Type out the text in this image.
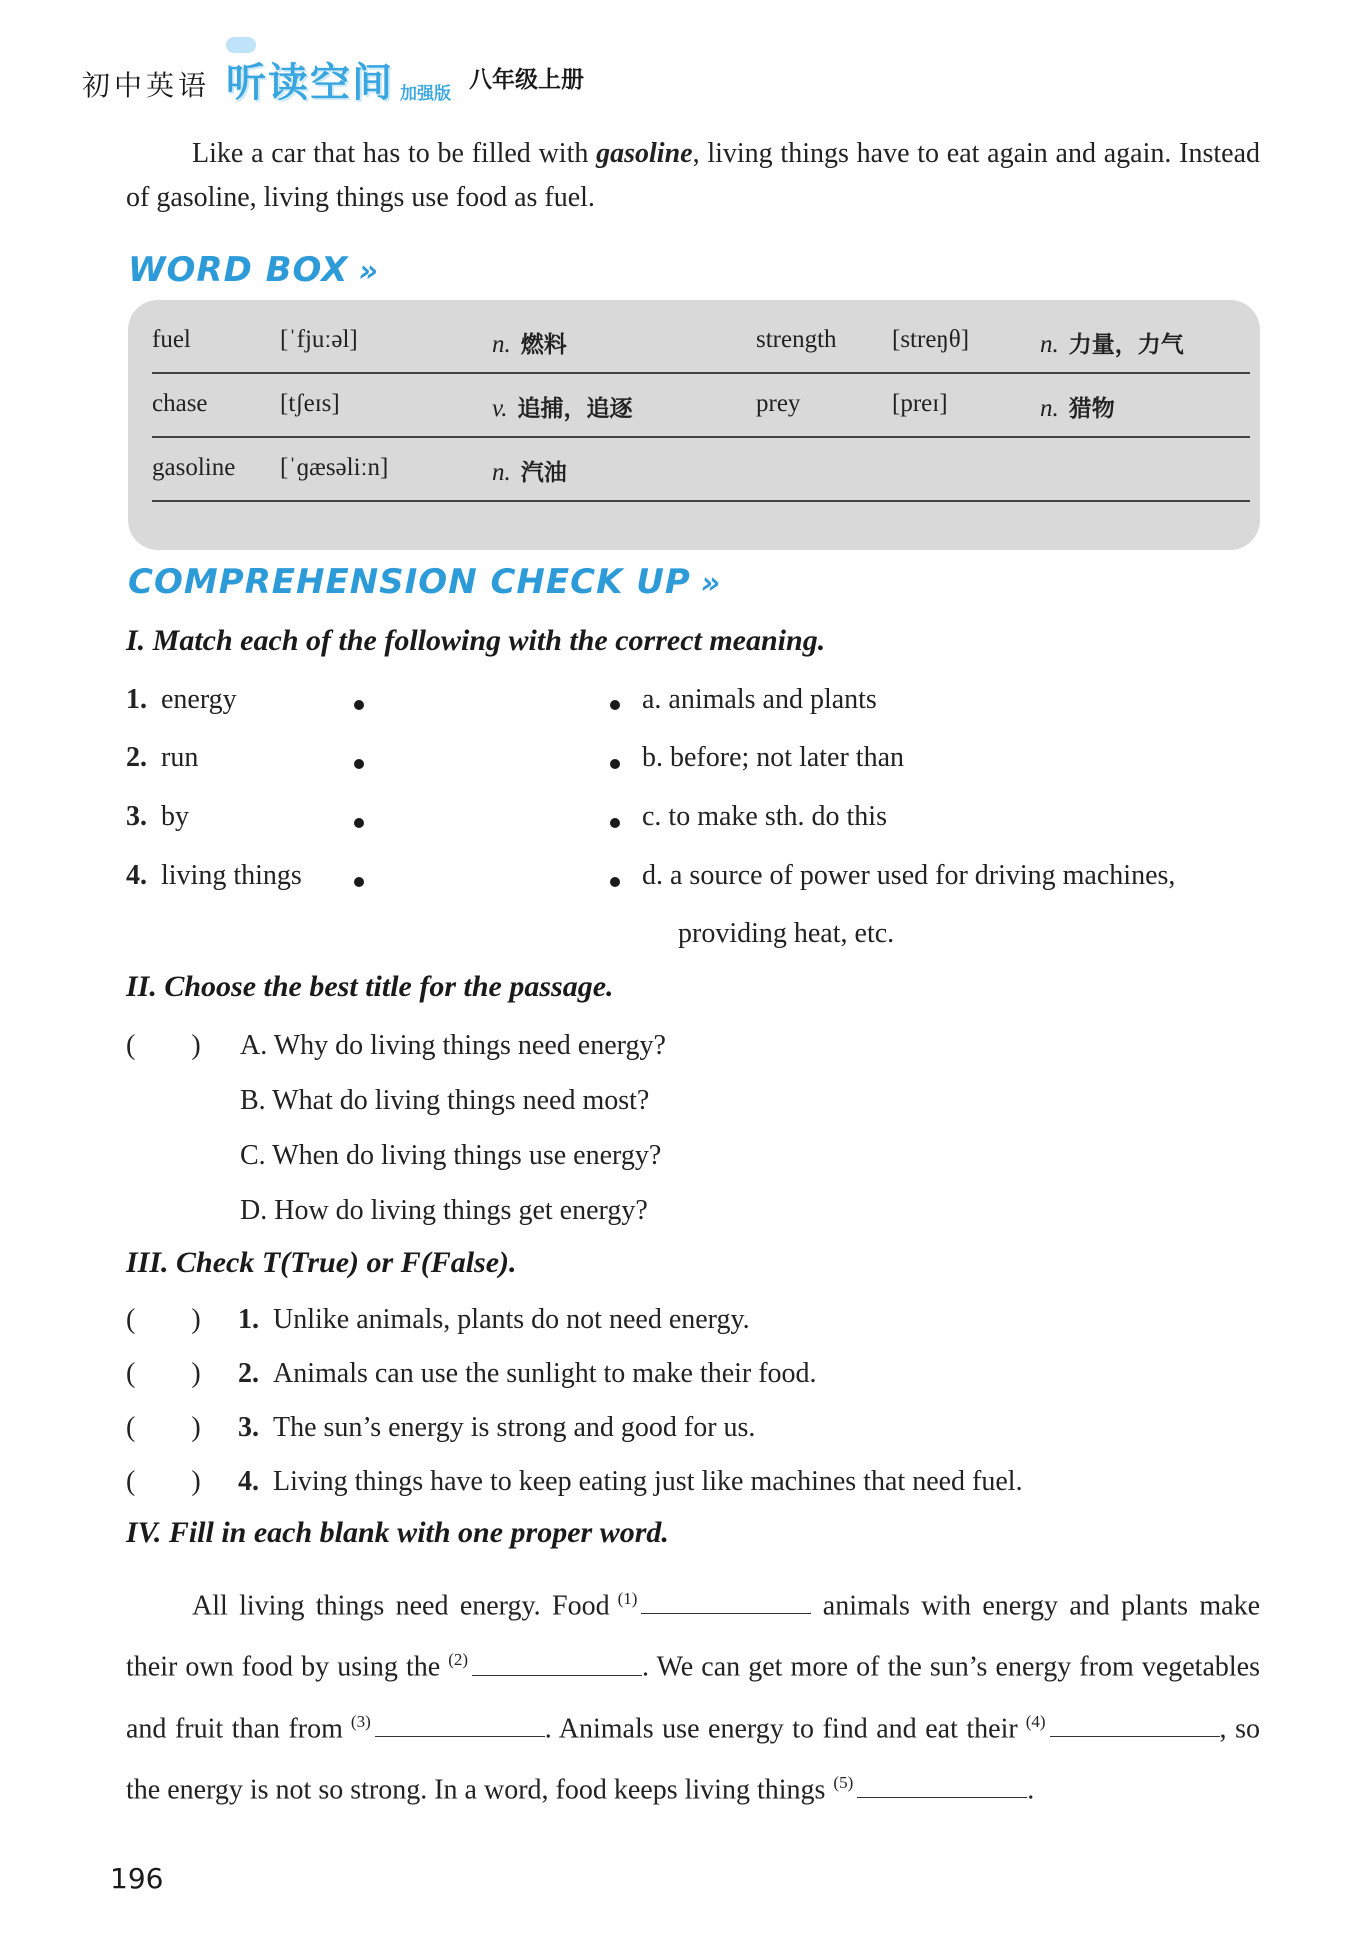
初中英语 听读空间 加强版
八年级上册
Like a car that has to be filled with gasoline, living things have to eat again and again. Instead of gasoline, living things use food as fuel.
WORD BOX »
fuel	[ˈfjuːəl]	n. 燃料	strength [streŋθ]	n. 力量，力气
chase	[tʃeɪs]	v. 追捕，追逐	prey	[preɪ]	n. 猎物
gasoline [ˈɡæsəliːn]	n. 汽油
COMPREHENSION CHECK UP »
I. Match each of the following with the correct meaning.
1. energy
2. run
3. by
4. living things
a. animals and plants
b. before; not later than
c. to make sth. do this
d. a source of power used for driving machines,
providing heat, etc.
II. Choose the best title for the passage.
(        ) A. Why do living things need energy?
B. What do living things need most?
C. When do living things use energy?
D. How do living things get energy?
III. Check T(True) or F(False).
(        ) 1. Unlike animals, plants do not need energy.
(        ) 2. Animals can use the sunlight to make their food.
(        ) 3. The sun’s energy is strong and good for us.
(        ) 4. Living things have to keep eating just like machines that need fuel.
IV. Fill in each blank with one proper word.
All living things need energy. Food $^{(1)}$	animals with energy and plants make their own food by using the $^{(2)}$	. We can get more of the sun’s energy from vegetables and fruit than from $^{(3)}$	. Animals use energy to find and eat their $^{(4)}$	, so the energy is not so strong. In a word, food keeps living things $^{(5)}$	.
196
